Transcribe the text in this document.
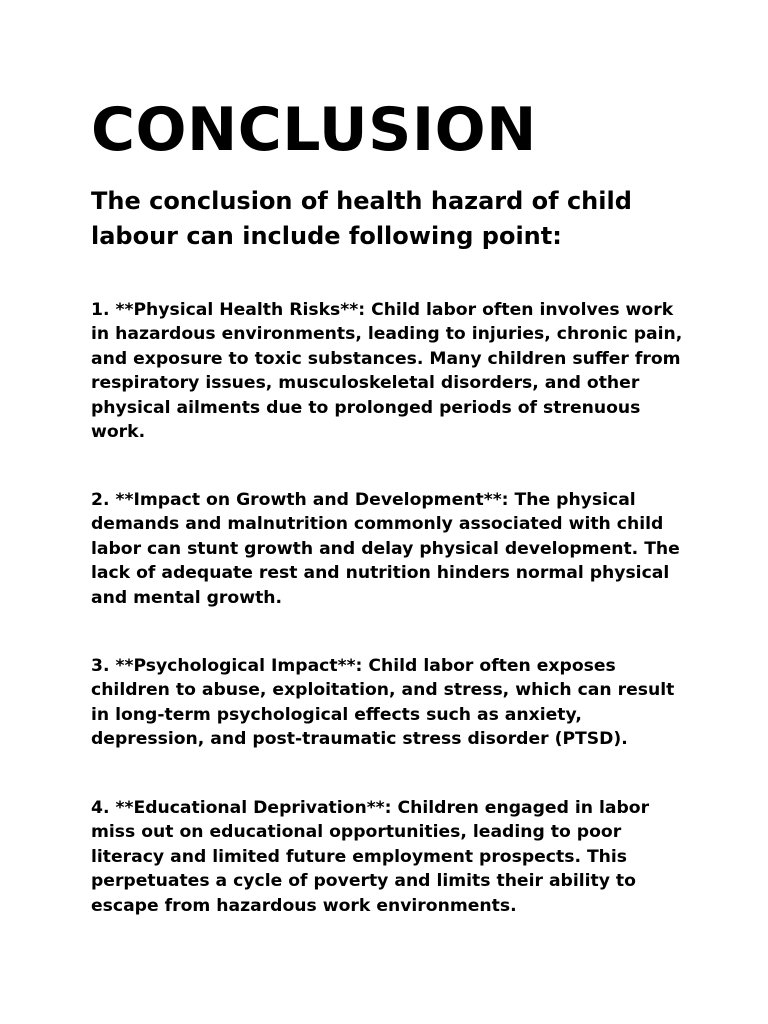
CONCLUSION
The conclusion of health hazard of child labour can include following point:

1. **Physical Health Risks**: Child labor often involves work in hazardous environments, leading to injuries, chronic pain, and exposure to toxic substances. Many children suffer from respiratory issues, musculoskeletal disorders, and other physical ailments due to prolonged periods of strenuous work.

2. **Impact on Growth and Development**: The physical demands and malnutrition commonly associated with child labor can stunt growth and delay physical development. The lack of adequate rest and nutrition hinders normal physical and mental growth.

3. **Psychological Impact**: Child labor often exposes children to abuse, exploitation, and stress, which can result in long-term psychological effects such as anxiety, depression, and post-traumatic stress disorder (PTSD).

4. **Educational Deprivation**: Children engaged in labor miss out on educational opportunities, leading to poor literacy and limited future employment prospects. This perpetuates a cycle of poverty and limits their ability to escape from hazardous work environments.
